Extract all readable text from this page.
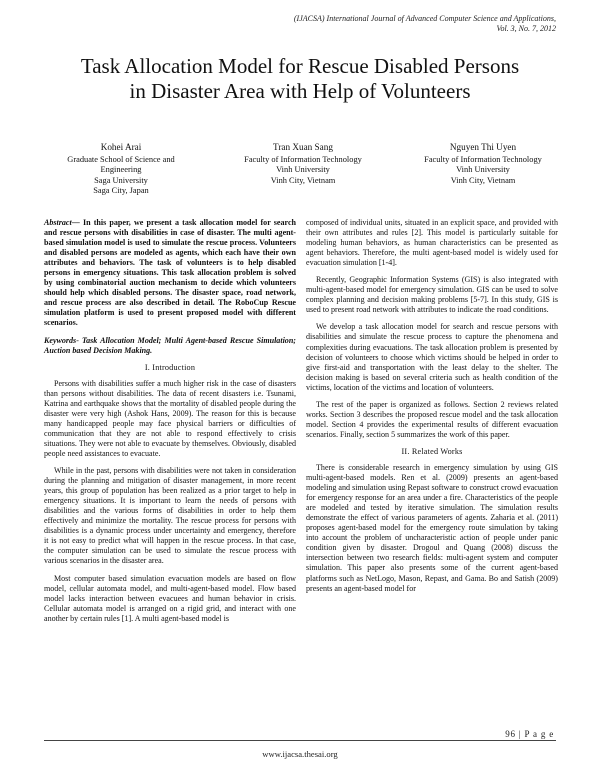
(IJACSA) International Journal of Advanced Computer Science and Applications,
Vol. 3, No. 7, 2012
Task Allocation Model for Rescue Disabled Persons
in Disaster Area with Help of Volunteers
Kohei Arai
Graduate School of Science and
Engineering
Saga University
Saga City, Japan
Tran Xuan Sang
Faculty of Information Technology
Vinh University
Vinh City, Vietnam
Nguyen Thi Uyen
Faculty of Information Technology
Vinh University
Vinh City, Vietnam

Abstract— In this paper, we present a task allocation model for search and rescue persons with disabilities in case of disaster. The multi agent-based simulation model is used to simulate the rescue process. Volunteers and disabled persons are modeled as agents, which each have their own attributes and behaviors. The task of volunteers is to help disabled persons in emergency situations. This task allocation problem is solved by using combinatorial auction mechanism to decide which volunteers should help which disabled persons. The disaster space, road network, and rescue process are also described in detail. The RoboCup Rescue simulation platform is used to present proposed model with different scenarios.

Keywords- Task Allocation Model; Multi Agent-based Rescue Simulation; Auction based Decision Making.

I. Introduction

Persons with disabilities suffer a much higher risk in the case of disasters than persons without disabilities. The data of recent disasters i.e. Tsunami, Katrina and earthquake shows that the mortality of disabled people during the disaster were very high (Ashok Hans, 2009). The reason for this is because many handicapped people may face physical barriers or difficulties of communication that they are not able to respond effectively to crisis situations. They were not able to evacuate by themselves. Obviously, disabled people need assistances to evacuate.

While in the past, persons with disabilities were not taken in consideration during the planning and mitigation of disaster management, in more recent years, this group of population has been realized as a prior target to help in emergency situations. It is important to learn the needs of persons with disabilities and the various forms of disabilities in order to help them effectively and minimize the mortality. The rescue process for persons with disabilities is a dynamic process under uncertainty and emergency, therefore it is not easy to predict what will happen in the rescue process. In that case, the computer simulation can be used to simulate the rescue process with various scenarios in the disaster area.

Most computer based simulation evacuation models are based on flow model, cellular automata model, and multi-agent-based model. Flow based model lacks interaction between evacuees and human behavior in crisis. Cellular automata model is arranged on a rigid grid, and interact with one another by certain rules [1]. A multi agent-based model is

composed of individual units, situated in an explicit space, and provided with their own attributes and rules [2]. This model is particularly suitable for modeling human behaviors, as human characteristics can be presented as agent behaviors. Therefore, the multi agent-based model is widely used for evacuation simulation [1-4].

Recently, Geographic Information Systems (GIS) is also integrated with multi-agent-based model for emergency simulation. GIS can be used to solve complex planning and decision making problems [5-7]. In this study, GIS is used to present road network with attributes to indicate the road conditions.

We develop a task allocation model for search and rescue persons with disabilities and simulate the rescue process to capture the phenomena and complexities during evacuations. The task allocation problem is presented by decision of volunteers to choose which victims should be helped in order to give first-aid and transportation with the least delay to the shelter. The decision making is based on several criteria such as health condition of the victims, location of the victims and location of volunteers.

The rest of the paper is organized as follows. Section 2 reviews related works. Section 3 describes the proposed rescue model and the task allocation model. Section 4 provides the experimental results of different evacuation scenarios. Finally, section 5 summarizes the work of this paper.

II. Related Works

There is considerable research in emergency simulation by using GIS multi-agent-based models. Ren et al. (2009) presents an agent-based modeling and simulation using Repast software to construct crowd evacuation for emergency response for an area under a fire. Characteristics of the people are modeled and tested by iterative simulation. The simulation results demonstrate the effect of various parameters of agents. Zaharia et al. (2011) proposes agent-based model for the emergency route simulation by taking into account the problem of uncharacteristic action of people under panic condition given by disaster. Drogoul and Quang (2008) discuss the intersection between two research fields: multi-agent system and computer simulation. This paper also presents some of the current agent-based platforms such as NetLogo, Mason, Repast, and Gama. Bo and Satish (2009) presents an agent-based model for

96 | P a g e
www.ijacsa.thesai.org
